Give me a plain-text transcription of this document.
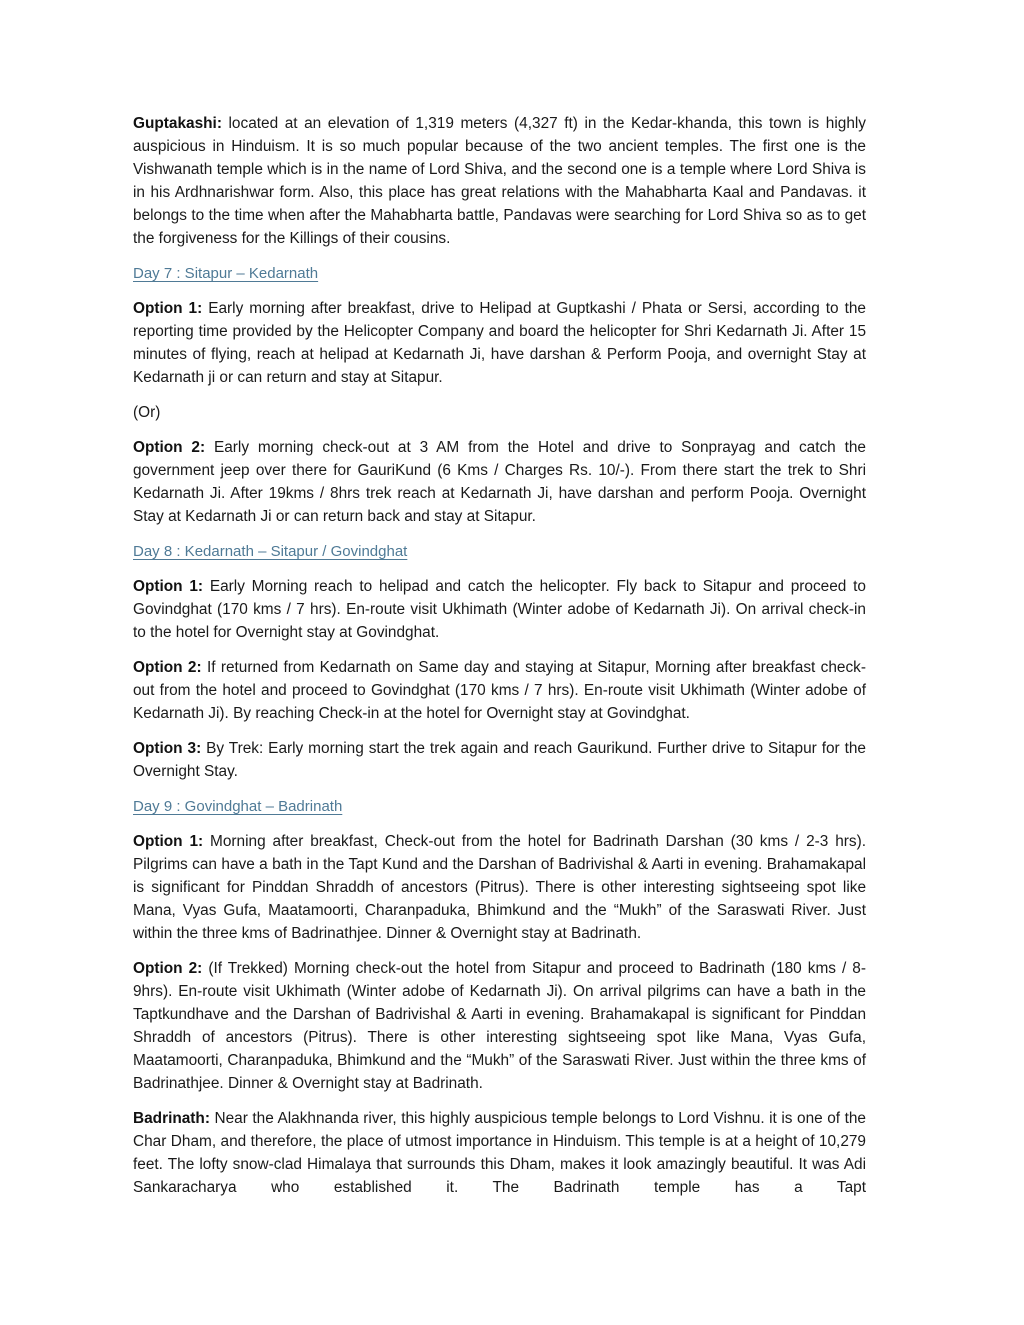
Guptakashi: located at an elevation of 1,319 meters (4,327 ft) in the Kedar-khanda, this town is highly auspicious in Hinduism. It is so much popular because of the two ancient temples. The first one is the Vishwanath temple which is in the name of Lord Shiva, and the second one is a temple where Lord Shiva is in his Ardhnarishwar form. Also, this place has great relations with the Mahabharta Kaal and Pandavas. it belongs to the time when after the Mahabharta battle, Pandavas were searching for Lord Shiva so as to get the forgiveness for the Killings of their cousins.

Day 7 : Sitapur – Kedarnath

Option 1: Early morning after breakfast, drive to Helipad at Guptkashi / Phata or Sersi, according to the reporting time provided by the Helicopter Company and board the helicopter for Shri Kedarnath Ji. After 15 minutes of flying, reach at helipad at Kedarnath Ji, have darshan & Perform Pooja, and overnight Stay at Kedarnath ji or can return and stay at Sitapur.

(Or)

Option 2: Early morning check-out at 3 AM from the Hotel and drive to Sonprayag and catch the government jeep over there for GauriKund (6 Kms / Charges Rs. 10/-). From there start the trek to Shri Kedarnath Ji. After 19kms / 8hrs trek reach at Kedarnath Ji, have darshan and perform Pooja. Overnight Stay at Kedarnath Ji or can return back and stay at Sitapur.

Day 8 : Kedarnath – Sitapur / Govindghat

Option 1: Early Morning reach to helipad and catch the helicopter. Fly back to Sitapur and proceed to Govindghat (170 kms / 7 hrs). En-route visit Ukhimath (Winter adobe of Kedarnath Ji). On arrival check-in to the hotel for Overnight stay at Govindghat.

Option 2: If returned from Kedarnath on Same day and staying at Sitapur, Morning after breakfast check-out from the hotel and proceed to Govindghat (170 kms / 7 hrs). En-route visit Ukhimath (Winter adobe of Kedarnath Ji). By reaching Check-in at the hotel for Overnight stay at Govindghat.

Option 3: By Trek: Early morning start the trek again and reach Gaurikund. Further drive to Sitapur for the Overnight Stay.

Day 9 : Govindghat – Badrinath

Option 1: Morning after breakfast, Check-out from the hotel for Badrinath Darshan (30 kms / 2-3 hrs). Pilgrims can have a bath in the Tapt Kund and the Darshan of Badrivishal & Aarti in evening. Brahamakapal is significant for Pinddan Shraddh of ancestors (Pitrus). There is other interesting sightseeing spot like Mana, Vyas Gufa, Maatamoorti, Charanpaduka, Bhimkund and the “Mukh” of the Saraswati River. Just within the three kms of Badrinathjee. Dinner & Overnight stay at Badrinath.

Option 2: (If Trekked) Morning check-out the hotel from Sitapur and proceed to Badrinath (180 kms / 8-9hrs). En-route visit Ukhimath (Winter adobe of Kedarnath Ji). On arrival pilgrims can have a bath in the Taptkundhave and the Darshan of Badrivishal & Aarti in evening. Brahamakapal is significant for Pinddan Shraddh of ancestors (Pitrus). There is other interesting sightseeing spot like Mana, Vyas Gufa, Maatamoorti, Charanpaduka, Bhimkund and the “Mukh” of the Saraswati River. Just within the three kms of Badrinathjee. Dinner & Overnight stay at Badrinath.

Badrinath: Near the Alakhnanda river, this highly auspicious temple belongs to Lord Vishnu. it is one of the Char Dham, and therefore, the place of utmost importance in Hinduism. This temple is at a height of 10,279 feet. The lofty snow-clad Himalaya that surrounds this Dham, makes it look amazingly beautiful. It was Adi Sankaracharya who established it. The Badrinath temple has a Tapt
